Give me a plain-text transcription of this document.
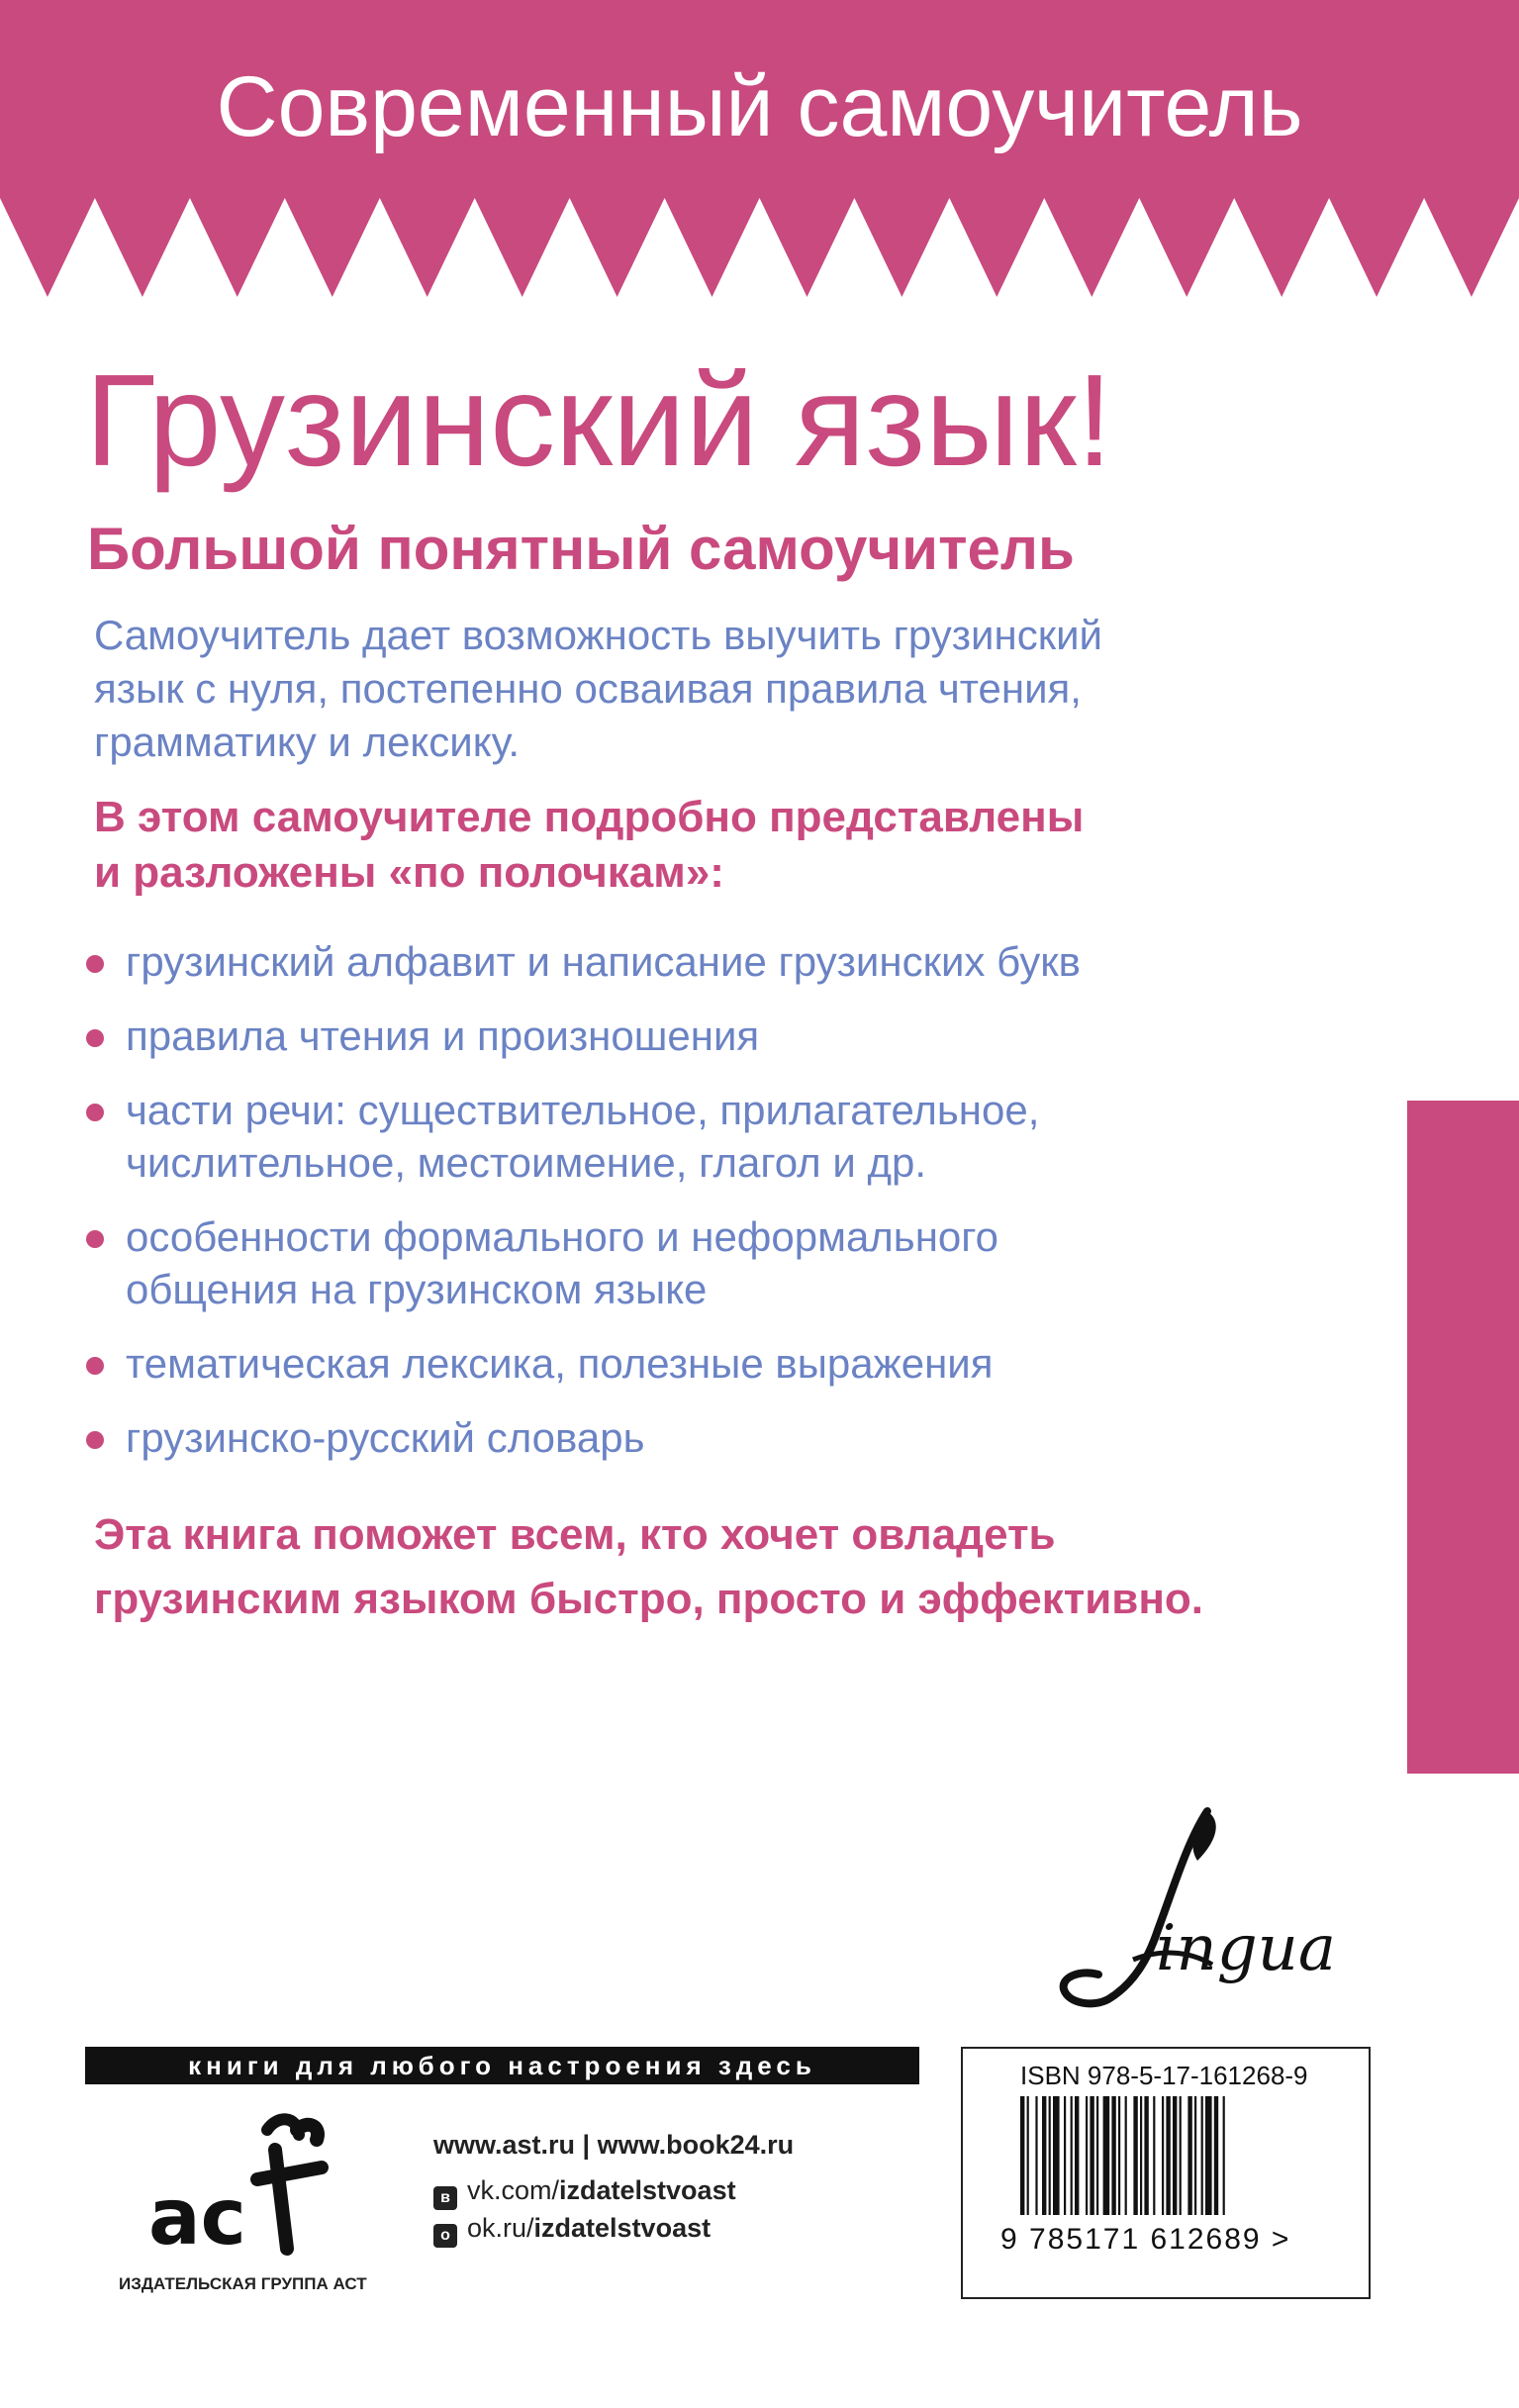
Современный самоучитель
Грузинский язык!
Большой понятный самоучитель
Самоучитель дает возможность выучить грузинский
язык с нуля, постепенно осваивая правила чтения,
грамматику и лексику.
В этом самоучителе подробно представлены
и разложены «по полочкам»:
грузинский алфавит и написание грузинских букв
правила чтения и произношения
части речи: существительное, прилагательное,
числительное, местоимение, глагол и др.
особенности формального и неформального
общения на грузинском языке
тематическая лексика, полезные выражения
грузинско-русский словарь
Эта книга поможет всем, кто хочет овладеть
грузинским языком быстро, просто и эффективно.
ingua
книги для любого настроения здесь
ас
ИЗДАТЕЛЬСКАЯ ГРУППА АСТ
www.ast.ru | www.book24.ru
в vk.com/izdatelstvoast
о ok.ru/izdatelstvoast
ISBN 978-5-17-161268-9
9 785171 612689 >
